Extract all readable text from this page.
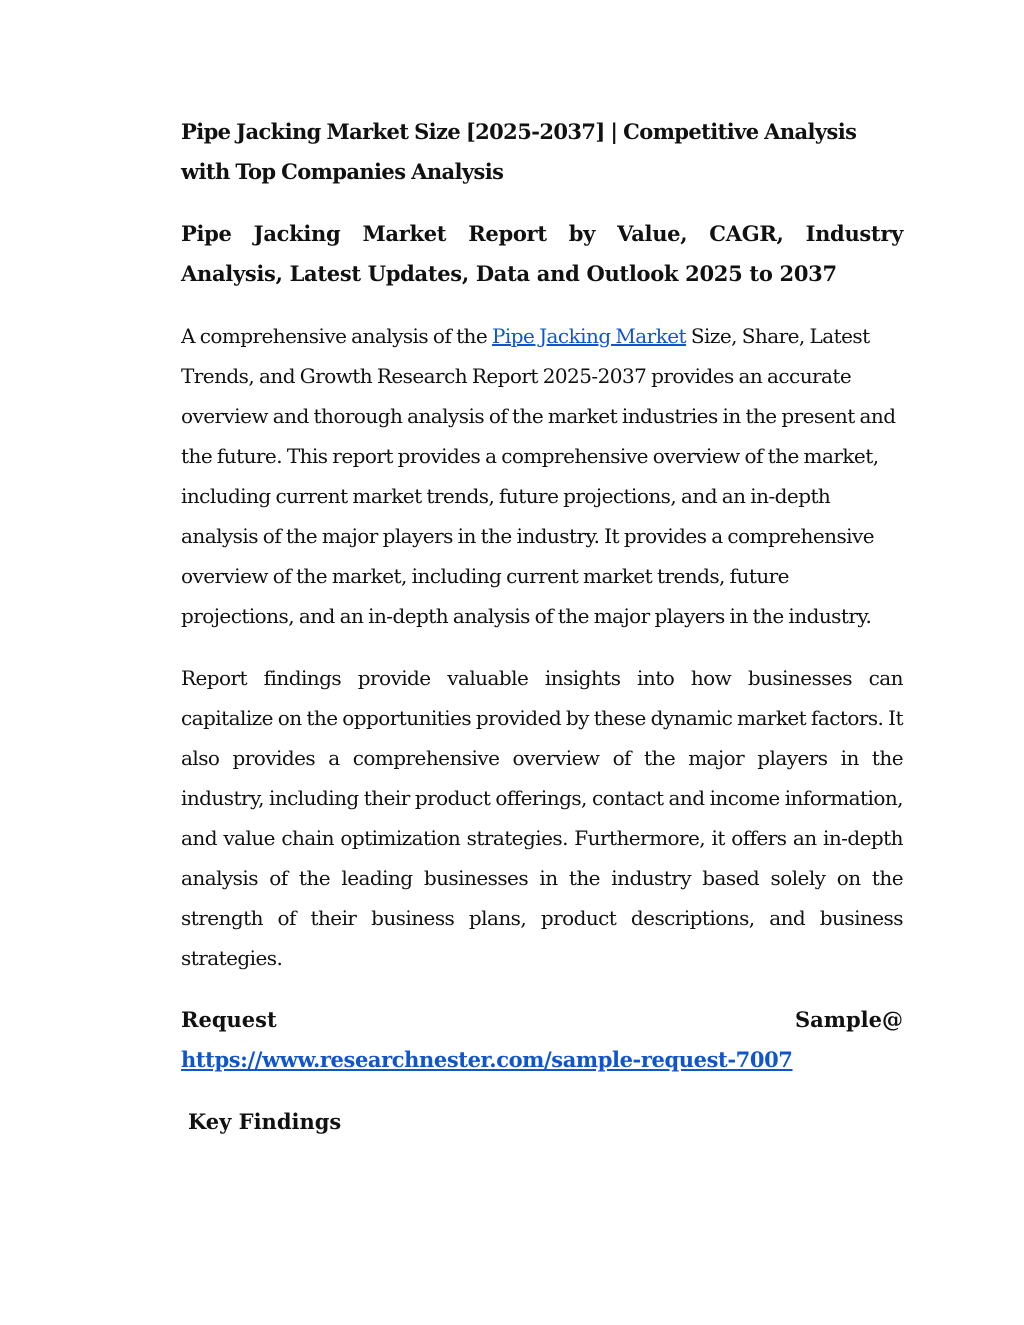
Pipe Jacking Market Size [2025-2037] | Competitive Analysis with Top Companies Analysis

Pipe Jacking Market Report by Value, CAGR, Industry Analysis, Latest Updates, Data and Outlook 2025 to 2037

A comprehensive analysis of the Pipe Jacking Market Size, Share, Latest Trends, and Growth Research Report 2025-2037 provides an accurate overview and thorough analysis of the market industries in the present and the future. This report provides a comprehensive overview of the market, including current market trends, future projections, and an in-depth analysis of the major players in the industry. It provides a comprehensive overview of the market, including current market trends, future projections, and an in-depth analysis of the major players in the industry.

Report findings provide valuable insights into how businesses can capitalize on the opportunities provided by these dynamic market factors. It also provides a comprehensive overview of the major players in the industry, including their product offerings, contact and income information, and value chain optimization strategies. Furthermore, it offers an in-depth analysis of the leading businesses in the industry based solely on the strength of their business plans, product descriptions, and business strategies.

Request	Sample@
https://www.researchnester.com/sample-request-7007

Key Findings
